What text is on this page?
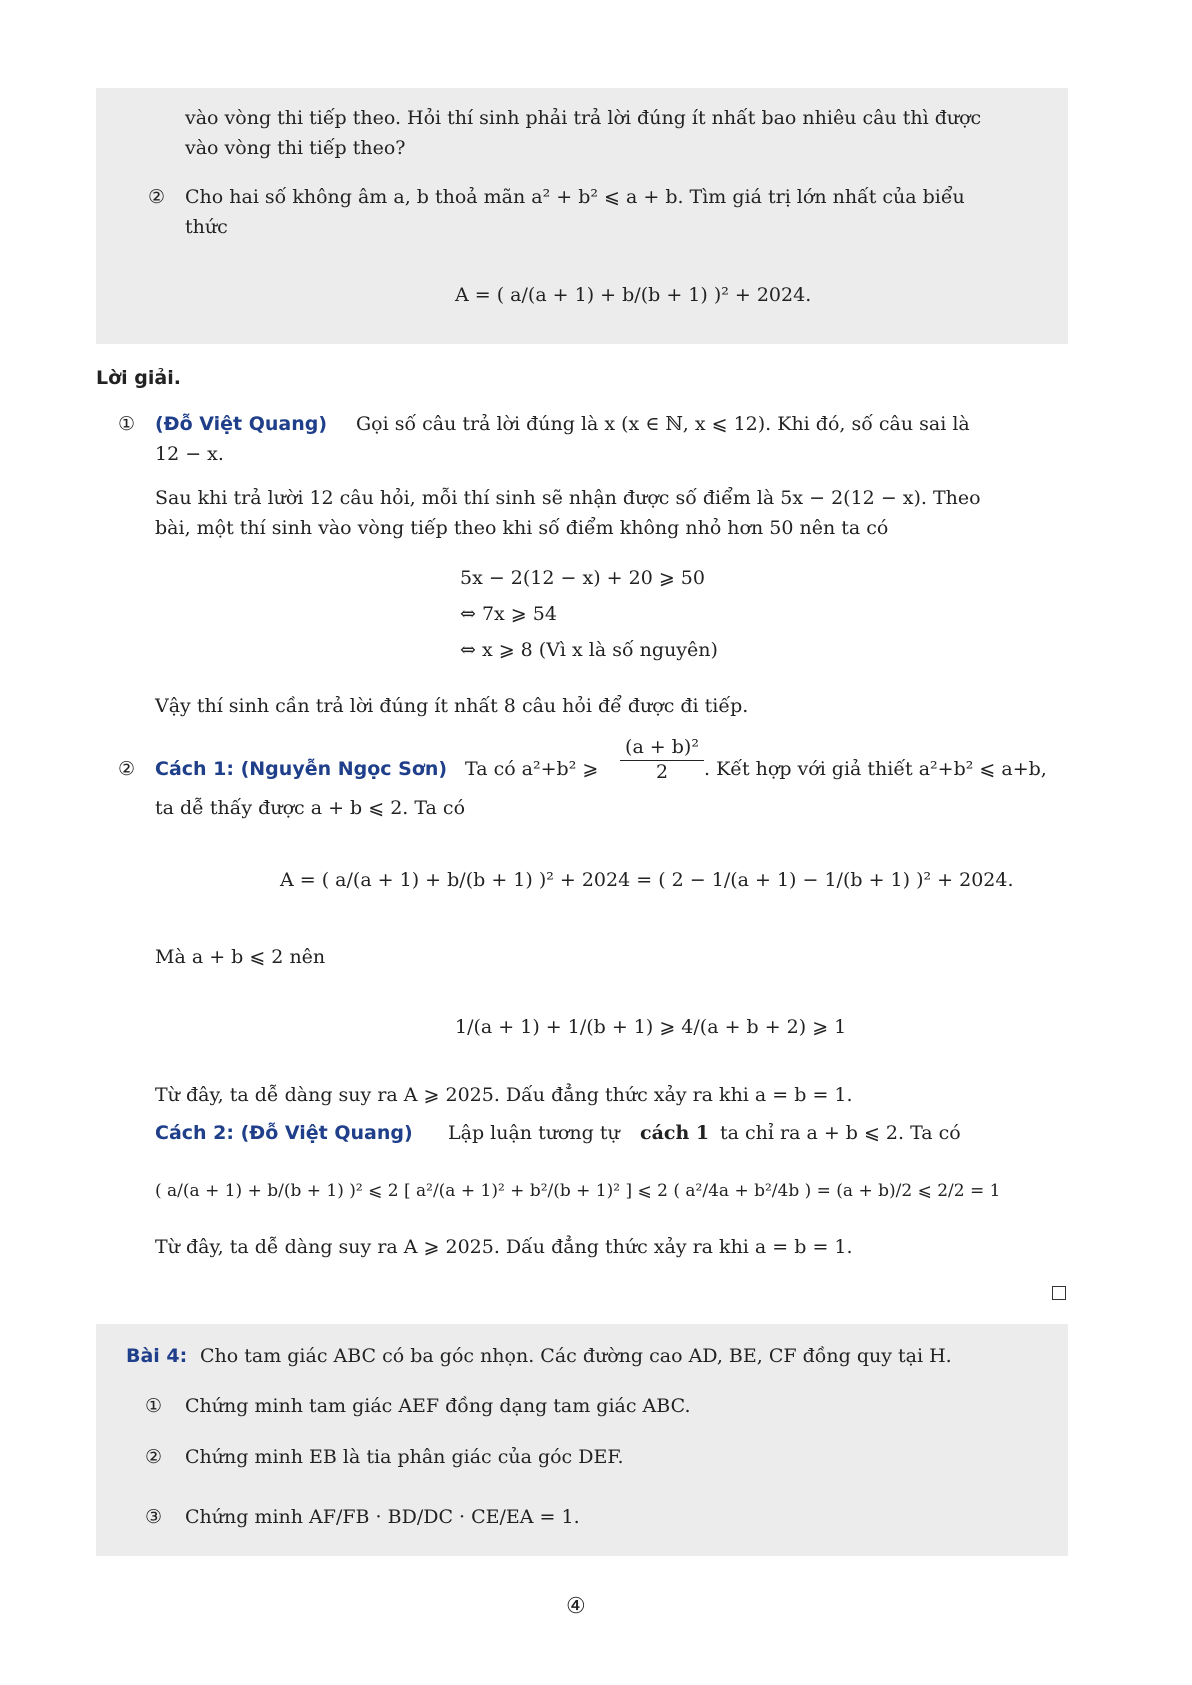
vào vòng thi tiếp theo. Hỏi thí sinh phải trả lời đúng ít nhất bao nhiêu câu thì được
vào vòng thi tiếp theo?
② Cho hai số không âm a, b thoả mãn a² + b² ⩽ a + b. Tìm giá trị lớn nhất của biểu
thức
A = ( a/(a + 1) + b/(b + 1) )² + 2024.
Lời giải.
① (Đỗ Việt Quang) Gọi số câu trả lời đúng là x (x ∈ ℕ, x ⩽ 12). Khi đó, số câu sai là
12 − x.
Sau khi trả lười 12 câu hỏi, mỗi thí sinh sẽ nhận được số điểm là 5x − 2(12 − x). Theo
bài, một thí sinh vào vòng tiếp theo khi số điểm không nhỏ hơn 50 nên ta có
5x − 2(12 − x) + 20 ⩾ 50
⇔ 7x ⩾ 54
⇔ x ⩾ 8 (Vì x là số nguyên)
Vậy thí sinh cần trả lời đúng ít nhất 8 câu hỏi để được đi tiếp.
② Cách 1: (Nguyễn Ngọc Sơn) Ta có a²+b² ⩾ $\frac{\text{(a + b)²}}{2}$ . Kết hợp với giả thiết a²+b² ⩽ a+b,
ta dễ thấy được a + b ⩽ 2. Ta có
A = ( a/(a + 1) + b/(b + 1) )² + 2024 = ( 2 − 1/(a + 1) − 1/(b + 1) )² + 2024.
Mà a + b ⩽ 2 nên
1/(a + 1) + 1/(b + 1) ⩾ 4/(a + b + 2) ⩾ 1
Từ đây, ta dễ dàng suy ra A ⩾ 2025. Dấu đẳng thức xảy ra khi a = b = 1.
Cách 2: (Đỗ Việt Quang) Lập luận tương tự cách 1 ta chỉ ra a + b ⩽ 2. Ta có
( a/(a + 1) + b/(b + 1) )² ⩽ 2 [ a²/(a + 1)² + b²/(b + 1)² ] ⩽ 2 ( a²/4a + b²/4b ) = (a + b)/2 ⩽ 2/2 = 1
Từ đây, ta dễ dàng suy ra A ⩾ 2025. Dấu đẳng thức xảy ra khi a = b = 1.
Bài 4: Cho tam giác ABC có ba góc nhọn. Các đường cao AD, BE, CF đồng quy tại H.
① Chứng minh tam giác AEF đồng dạng tam giác ABC.
② Chứng minh EB là tia phân giác của góc DEF.
③ Chứng minh AF/FB · BD/DC · CE/EA = 1.
④
